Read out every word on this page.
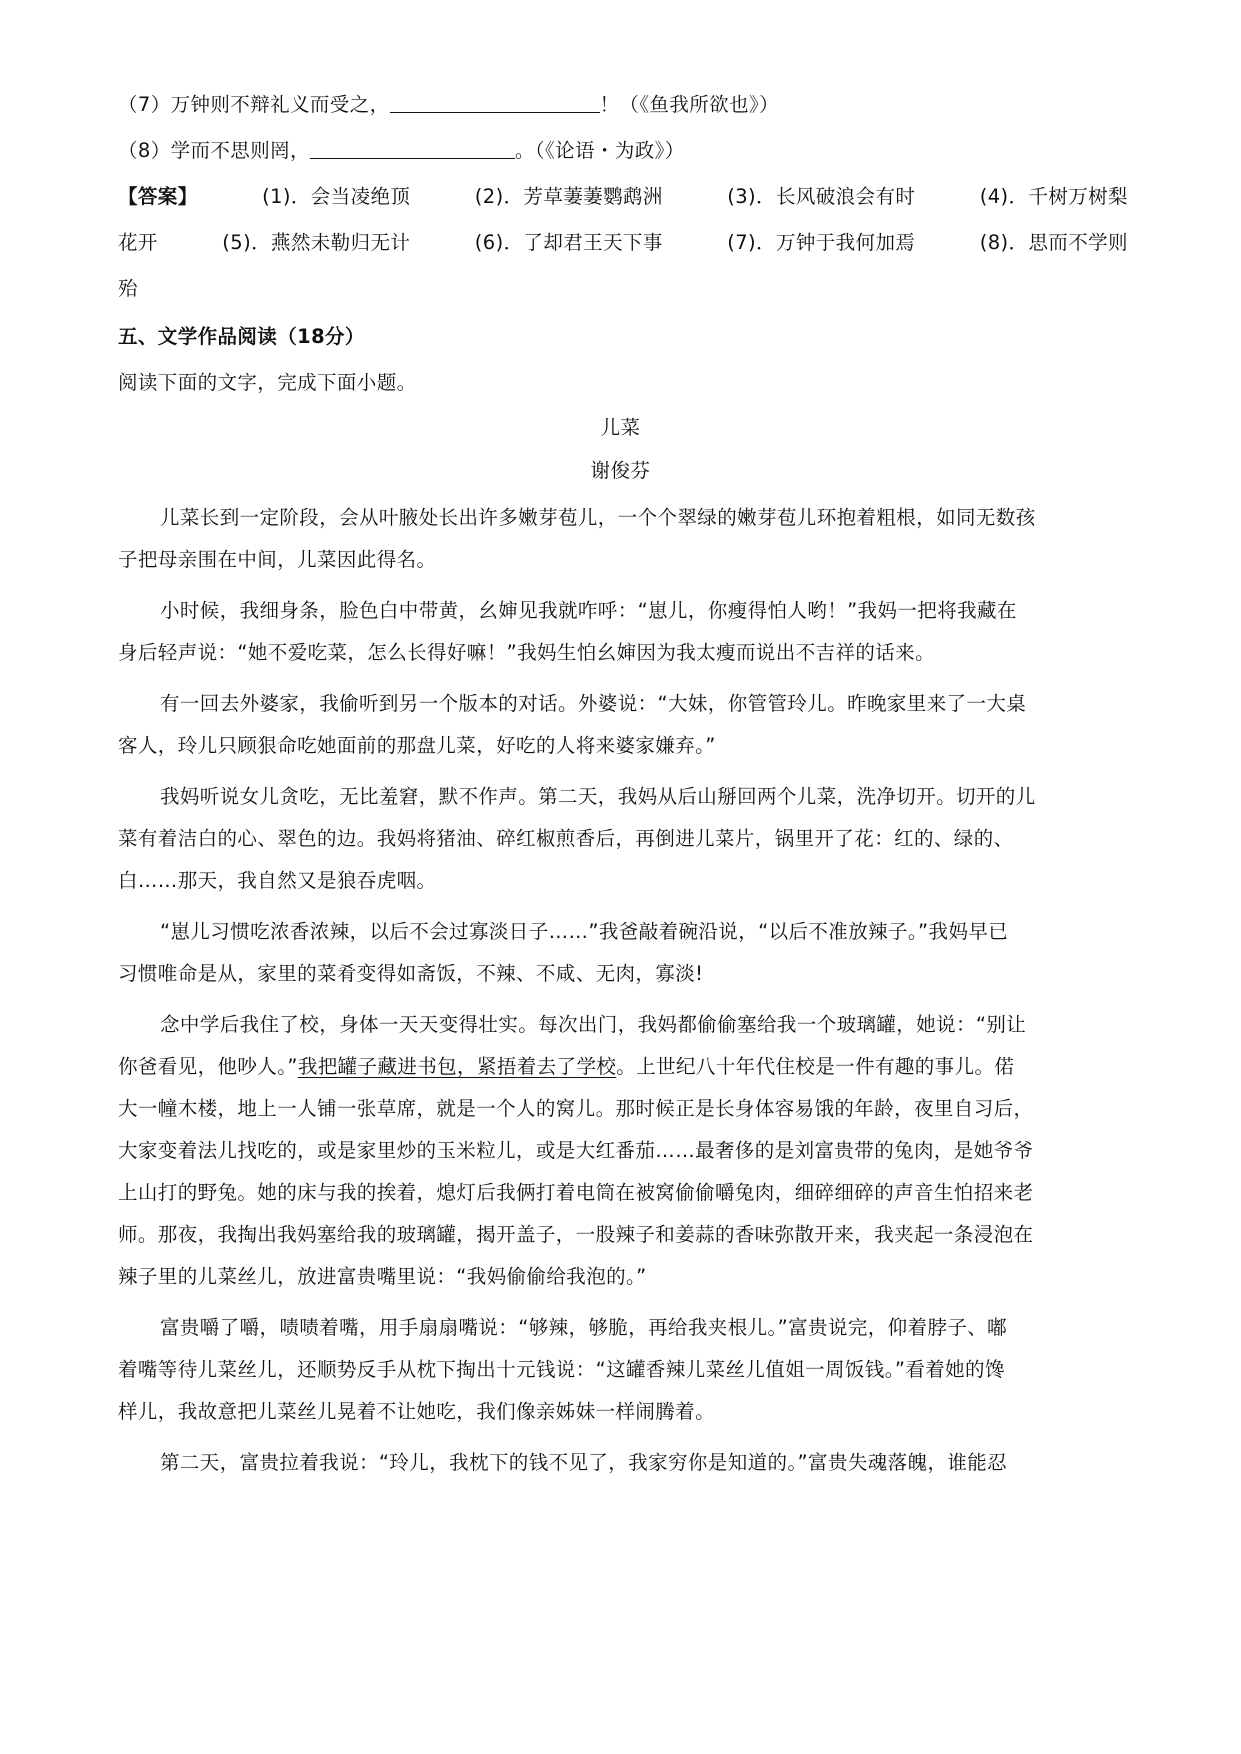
（7）万钟则不辩礼义而受之，	！（《鱼我所欲也》）
（8）学而不思则罔，	。（《论语・为政》）
【答案】	(1)．会当凌绝顶	(2)．芳草萋萋鹦鹉洲	(3)．长风破浪会有时	(4)．千树万树梨
花开	(5)．燕然未勒归无计	(6)．了却君王天下事	(7)．万钟于我何加焉	(8)．思而不学则
殆
五、文学作品阅读（18分）
阅读下面的文字，完成下面小题。
儿菜
谢俊芬
儿菜长到一定阶段，会从叶腋处长出许多嫩芽苞儿，一个个翠绿的嫩芽苞儿环抱着粗根，如同无数孩
子把母亲围在中间，儿菜因此得名。
小时候，我细身条，脸色白中带黄，幺婶见我就咋呼：“崽儿，你瘦得怕人哟！”我妈一把将我藏在
身后轻声说：“她不爱吃菜，怎么长得好嘛！”我妈生怕幺婶因为我太瘦而说出不吉祥的话来。
有一回去外婆家，我偷听到另一个版本的对话。外婆说：“大妹，你管管玲儿。昨晚家里来了一大桌
客人，玲儿只顾狠命吃她面前的那盘儿菜，好吃的人将来婆家嫌弃。”
我妈听说女儿贪吃，无比羞窘，默不作声。第二天，我妈从后山掰回两个儿菜，洗净切开。切开的儿
菜有着洁白的心、翠色的边。我妈将猪油、碎红椒煎香后，再倒进儿菜片，锅里开了花：红的、绿的、
白……那天，我自然又是狼吞虎咽。
“崽儿习惯吃浓香浓辣，以后不会过寡淡日子……”我爸敲着碗沿说，“以后不准放辣子。”我妈早已
习惯唯命是从，家里的菜肴变得如斋饭，不辣、不咸、无肉，寡淡!
念中学后我住了校，身体一天天变得壮实。每次出门，我妈都偷偷塞给我一个玻璃罐，她说：“别让
你爸看见，他吵人。”我把罐子藏进书包，紧捂着去了学校。上世纪八十年代住校是一件有趣的事儿。偌
大一幢木楼，地上一人铺一张草席，就是一个人的窝儿。那时候正是长身体容易饿的年龄，夜里自习后，
大家变着法儿找吃的，或是家里炒的玉米粒儿，或是大红番茄……最奢侈的是刘富贵带的兔肉，是她爷爷
上山打的野兔。她的床与我的挨着，熄灯后我俩打着电筒在被窝偷偷嚼兔肉，细碎细碎的声音生怕招来老
师。那夜，我掏出我妈塞给我的玻璃罐，揭开盖子，一股辣子和姜蒜的香味弥散开来，我夹起一条浸泡在
辣子里的儿菜丝儿，放进富贵嘴里说：“我妈偷偷给我泡的。”
富贵嚼了嚼，啧啧着嘴，用手扇扇嘴说：“够辣，够脆，再给我夹根儿。”富贵说完，仰着脖子、嘟
着嘴等待儿菜丝儿，还顺势反手从枕下掏出十元钱说：“这罐香辣儿菜丝儿值姐一周饭钱。”看着她的馋
样儿，我故意把儿菜丝儿晃着不让她吃，我们像亲姊妹一样闹腾着。
第二天，富贵拉着我说：“玲儿，我枕下的钱不见了，我家穷你是知道的。”富贵失魂落魄，谁能忍
